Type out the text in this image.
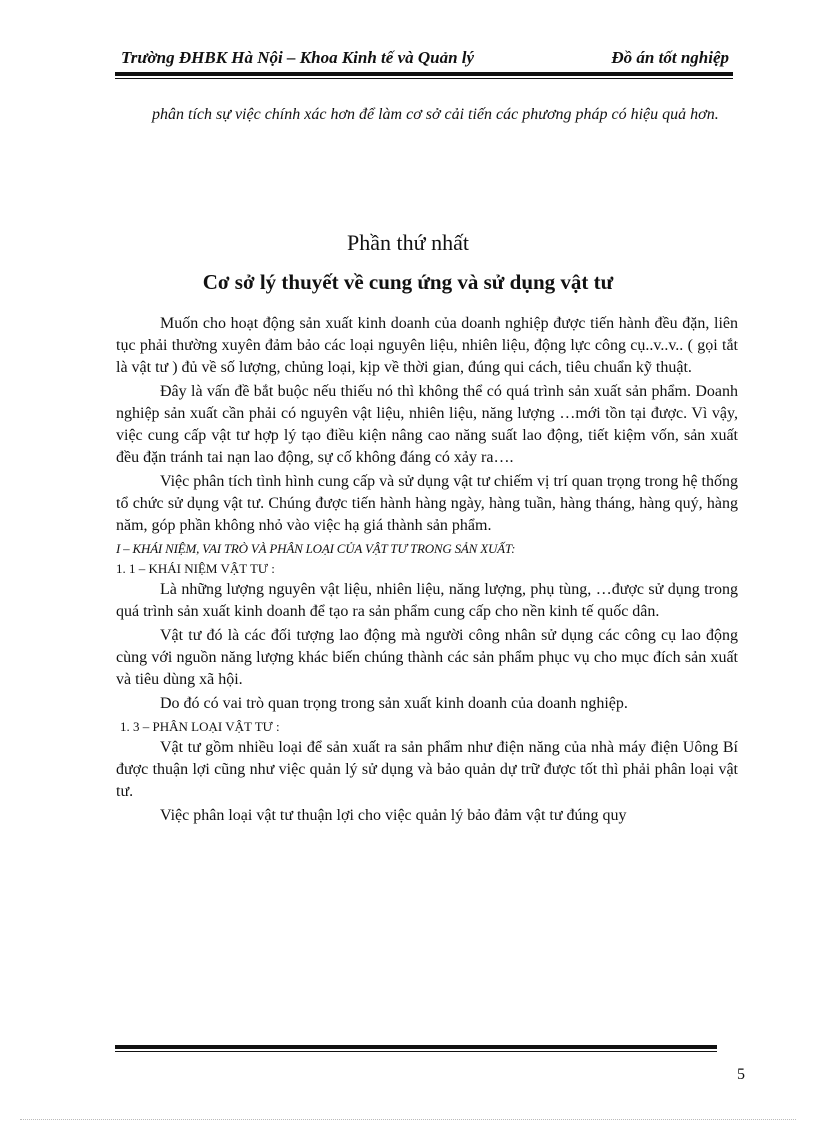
Trường ĐHBK Hà Nội – Khoa Kinh tế và Quản lý	Đồ án tốt nghiệp

phân tích sự việc chính xác hơn để làm cơ sở cải tiến các phương pháp có hiệu quả hơn.

Phần thứ nhất
Cơ sở lý thuyết về cung ứng và sử dụng vật tư

Muốn cho hoạt động sản xuất kinh doanh của doanh nghiệp được tiến hành đều đặn, liên tục phải thường xuyên đảm bảo các loại nguyên liệu, nhiên liệu, động lực công cụ..v..v.. ( gọi tắt là vật tư ) đủ về số lượng, chủng loại, kịp về thời gian, đúng qui cách, tiêu chuẩn kỹ thuật.

Đây là vấn đề bắt buộc nếu thiếu nó thì không thể có quá trình sản xuất sản phẩm. Doanh nghiệp sản xuất cần phải có nguyên vật liệu, nhiên liệu, năng lượng …mới tồn tại được. Vì vậy, việc cung cấp vật tư hợp lý tạo điều kiện nâng cao năng suất lao động, tiết kiệm vốn, sản xuất đều đặn tránh tai nạn lao động, sự cố không đáng có xảy ra….

Việc phân tích tình hình cung cấp và sử dụng vật tư chiếm vị trí quan trọng trong hệ thống tổ chức sử dụng vật tư. Chúng được tiến hành hàng ngày, hàng tuần, hàng tháng, hàng quý, hàng năm, góp phần không nhỏ vào việc hạ giá thành sản phẩm.

I – KHÁI NIỆM, VAI TRÒ VÀ PHÂN LOẠI CỦA VẬT TƯ TRONG SẢN XUẤT:

1. 1 – KHÁI NIỆM VẬT TƯ :

Là những lượng nguyên vật liệu, nhiên liệu, năng lượng, phụ tùng, …được sử dụng trong quá trình sản xuất kinh doanh để tạo ra sản phẩm cung cấp cho nền kinh tế quốc dân.

Vật tư đó là các đối tượng lao động mà người công nhân sử dụng các công cụ lao động cùng với nguồn năng lượng khác biến chúng thành các sản phẩm phục vụ cho mục đích sản xuất và tiêu dùng xã hội.

Do đó có vai trò quan trọng trong sản xuất kinh doanh của doanh nghiệp.

1. 3 – PHÂN LOẠI VẬT TƯ :

Vật tư gồm nhiều loại để sản xuất ra sản phẩm như điện năng của nhà máy điện Uông Bí được thuận lợi cũng như việc quản lý sử dụng và bảo quản dự trữ được tốt thì phải phân loại vật tư.

Việc phân loại vật tư thuận lợi cho việc quản lý bảo đảm vật tư đúng quy

5
